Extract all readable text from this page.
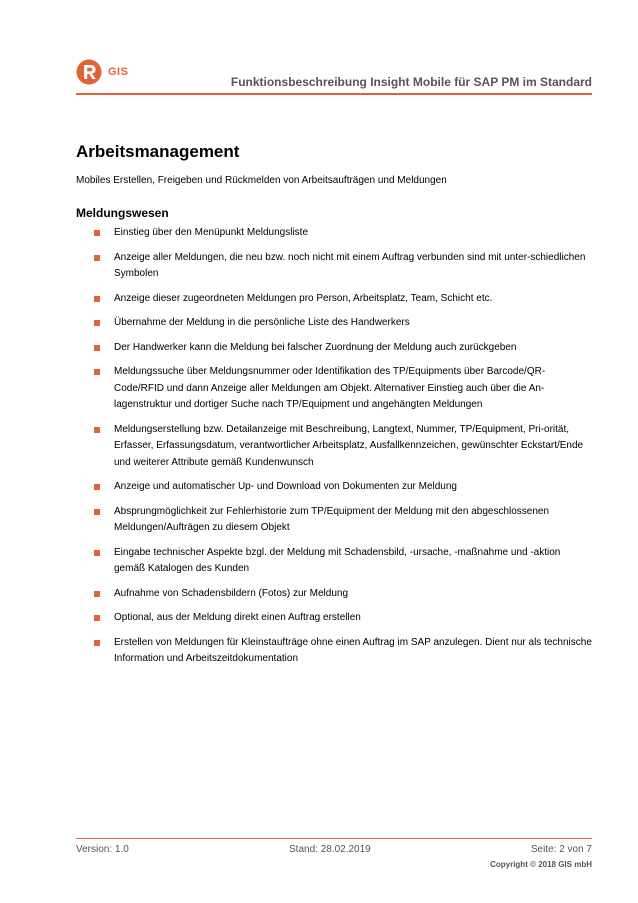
GIS
Funktionsbeschreibung Insight Mobile für SAP PM im Standard
Arbeitsmanagement
Mobiles Erstellen, Freigeben und Rückmelden von Arbeitsaufträgen und Meldungen
Meldungswesen
Einstieg über den Menüpunkt Meldungsliste
Anzeige aller Meldungen, die neu bzw. noch nicht mit einem Auftrag verbunden sind mit unter-schiedlichen Symbolen
Anzeige dieser zugeordneten Meldungen pro Person, Arbeitsplatz, Team, Schicht etc.
Übernahme der Meldung in die persönliche Liste des Handwerkers
Der Handwerker kann die Meldung bei falscher Zuordnung der Meldung auch zurückgeben
Meldungssuche über Meldungsnummer oder Identifikation des TP/Equipments über Barcode/QR-Code/RFID und dann Anzeige aller Meldungen am Objekt. Alternativer Einstieg auch über die An-lagenstruktur und dortiger Suche nach TP/Equipment und angehängten Meldungen
Meldungserstellung bzw. Detailanzeige mit Beschreibung, Langtext, Nummer, TP/Equipment, Pri-orität, Erfasser, Erfassungsdatum, verantwortlicher Arbeitsplatz, Ausfallkennzeichen, gewünschter Eckstart/Ende und weiterer Attribute gemäß Kundenwunsch
Anzeige und automatischer Up- und Download von Dokumenten zur Meldung
Absprungmöglichkeit zur Fehlerhistorie zum TP/Equipment der Meldung mit den abgeschlossenen Meldungen/Aufträgen zu diesem Objekt
Eingabe technischer Aspekte bzgl. der Meldung mit Schadensbild, -ursache, -maßnahme und -aktion gemäß Katalogen des Kunden
Aufnahme von Schadensbildern (Fotos) zur Meldung
Optional, aus der Meldung direkt einen Auftrag erstellen
Erstellen von Meldungen für Kleinstaufträge ohne einen Auftrag im SAP anzulegen. Dient nur als technische Information und Arbeitszeitdokumentation
Version: 1.0	Stand: 28.02.2019	Seite: 2 von 7
Copyright © 2018 GIS mbH
